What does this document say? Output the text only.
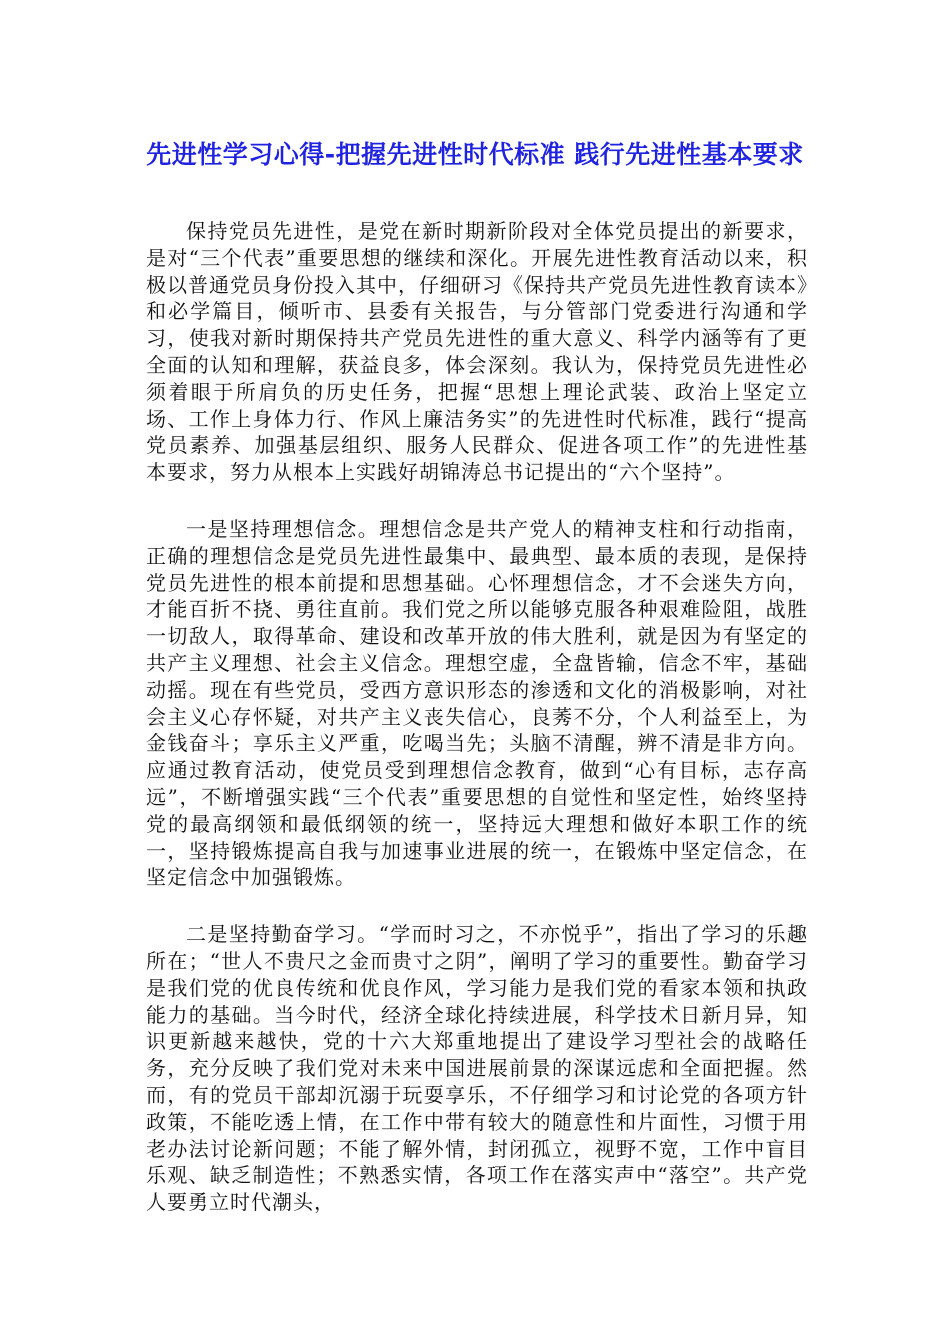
先进性学习心得-把握先进性时代标准 践行先进性基本要求

保持党员先进性，是党在新时期新阶段对全体党员提出的新要求，是对“三个代表”重要思想的继续和深化。开展先进性教育活动以来，积极以普通党员身份投入其中，仔细研习《保持共产党员先进性教育读本》和必学篇目，倾听市、县委有关报告，与分管部门党委进行沟通和学习，使我对新时期保持共产党员先进性的重大意义、科学内涵等有了更全面的认知和理解，获益良多，体会深刻。我认为，保持党员先进性必须着眼于所肩负的历史任务，把握“思想上理论武装、政治上坚定立场、工作上身体力行、作风上廉洁务实”的先进性时代标准，践行“提高党员素养、加强基层组织、服务人民群众、促进各项工作”的先进性基本要求，努力从根本上实践好胡锦涛总书记提出的“六个坚持”。

一是坚持理想信念。理想信念是共产党人的精神支柱和行动指南，正确的理想信念是党员先进性最集中、最典型、最本质的表现，是保持党员先进性的根本前提和思想基础。心怀理想信念，才不会迷失方向，才能百折不挠、勇往直前。我们党之所以能够克服各种艰难险阻，战胜一切敌人，取得革命、建设和改革开放的伟大胜利，就是因为有坚定的共产主义理想、社会主义信念。理想空虚，全盘皆输，信念不牢，基础动摇。现在有些党员，受西方意识形态的渗透和文化的消极影响，对社会主义心存怀疑，对共产主义丧失信心，良莠不分，个人利益至上，为金钱奋斗；享乐主义严重，吃喝当先；头脑不清醒，辨不清是非方向。应通过教育活动，使党员受到理想信念教育，做到“心有目标，志存高远”，不断增强实践“三个代表”重要思想的自觉性和坚定性，始终坚持党的最高纲领和最低纲领的统一，坚持远大理想和做好本职工作的统一，坚持锻炼提高自我与加速事业进展的统一，在锻炼中坚定信念，在坚定信念中加强锻炼。

二是坚持勤奋学习。“学而时习之，不亦悦乎”，指出了学习的乐趣所在；“世人不贵尺之金而贵寸之阴”，阐明了学习的重要性。勤奋学习是我们党的优良传统和优良作风，学习能力是我们党的看家本领和执政能力的基础。当今时代，经济全球化持续进展，科学技术日新月异，知识更新越来越快，党的十六大郑重地提出了建设学习型社会的战略任务，充分反映了我们党对未来中国进展前景的深谋远虑和全面把握。然而，有的党员干部却沉溺于玩耍享乐，不仔细学习和讨论党的各项方针政策，不能吃透上情，在工作中带有较大的随意性和片面性，习惯于用老办法讨论新问题；不能了解外情，封闭孤立，视野不宽，工作中盲目乐观、缺乏制造性；不熟悉实情，各项工作在落实声中“落空”。共产党人要勇立时代潮头，
